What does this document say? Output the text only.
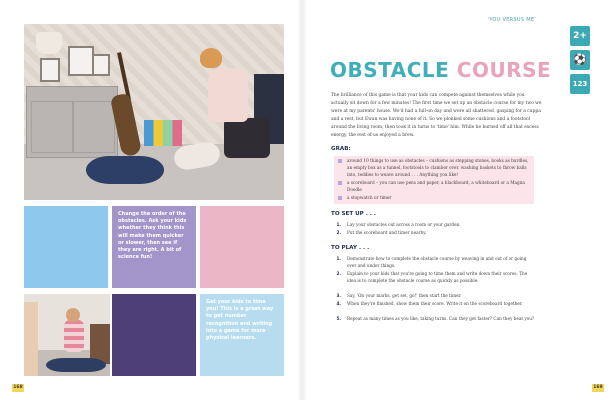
Change the order of the obstacles. Ask your kids whether they think this will make them quicker or slower, then see if they are right. A bit of science fun!
Get your kids to time you! This is a great way to get number recognition and writing into a game for more physical learners.
168
'YOU VERSUS ME'
2+
⚽
123
OBSTACLE COURSE

The brilliance of this game is that your kids can compete against themselves while you actually sit down for a few minutes! The first time we set up an obstacle course for my two we were at my parents' house. We'd had a full-on day and were all shattered, gasping for a cuppa and a rest, but Ewan was having none of it. So we plonked some cushions and a footstool around the living room, then took it in turns to 'time' him. While he burned off all that excess energy, the rest of us enjoyed a brew.

GRAB:
around 10 things to use as obstacles – cushions as stepping stones, books as hurdles, an empty box as a tunnel, footstools to clamber over, washing baskets to throw balls into, teddies to weave around . . . Anything you like!
a scoreboard – you can use pens and paper, a blackboard, a whiteboard or a Magna Doodle
a stopwatch or timer
TO SET UP . . .
1. Lay your obstacles out across a room or your garden.
2. Put the scoreboard and timer nearby.
TO PLAY . . .
1. Demonstrate how to complete the obstacle course by weaving in and out of or going over and under things.
2. Explain to your kids that you're going to time them and write down their scores. The idea is to complete the obstacle course as quickly as possible.
3. Say, 'On your marks, get set, go!' then start the timer.
4. When they're finished, show them their score. Write it on the scoreboard together.
5. Repeat as many times as you like, taking turns. Can they get faster? Can they beat you?
169
